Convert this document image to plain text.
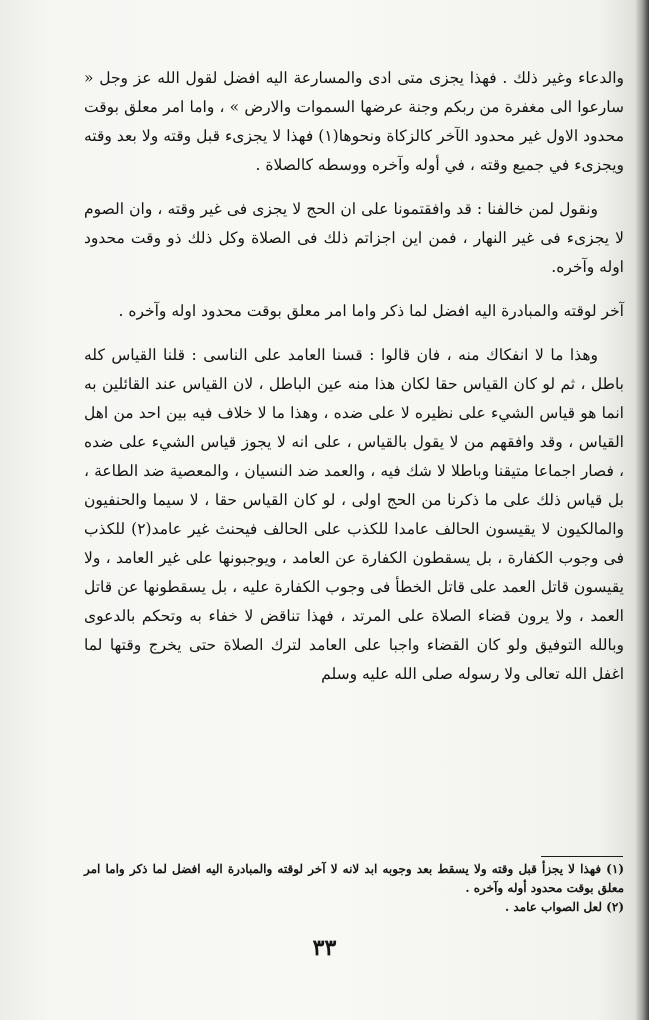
والدعاء وغير ذلك . فهذا يجزى متى ادى والمسارعة اليه افضل لقول الله عز وجل « سارعوا الى مغفرة من ربكم وجنة عرضها السموات والارض » ، واما امر معلق بوقت محدود الاول غير محدود الآخر كالزكاة ونحوها(١) فهذا لا يجزىء قبل وقته ولا بعد وقته ويجزىء في جميع وقته ، في أوله وآخره ووسطه كالصلاة .

ونقول لمن خالفنا : قد وافقتمونا على ان الحج لا يجزى فى غير وقته ، وان الصوم لا يجزىء فى غير النهار ، فمن اين اجزاتم ذلك فى الصلاة وكل ذلك ذو وقت محدود اوله وآخره.

آخر لوقته والمبادرة اليه افضل لما ذكر واما امر معلق بوقت محدود اوله وآخره .

وهذا ما لا انفكاك منه ، فان قالوا : قسنا العامد على الناسى : قلنا القياس كله باطل ، ثم لو كان القياس حقا لكان هذا منه عين الباطل ، لان القياس عند القائلين به انما هو قياس الشيء على نظيره لا على ضده ، وهذا ما لا خلاف فيه بين احد من اهل القياس ، وقد وافقهم من لا يقول بالقياس ، على انه لا يجوز قياس الشيء على ضده ، فصار اجماعا متيقنا وباطلا لا شك فيه ، والعمد ضد النسيان ، والمعصية ضد الطاعة ، بل قياس ذلك على ما ذكرنا من الحج اولى ، لو كان القياس حقا ، لا سيما والحنفيون والمالكيون لا يقيسون الحالف عامدا للكذب على الحالف فيحنث غير عامد(٢) للكذب فى وجوب الكفارة ، بل يسقطون الكفارة عن العامد ، ويوجبونها على غير العامد ، ولا يقيسون قاتل العمد على قاتل الخطأ فى وجوب الكفارة عليه ، بل يسقطونها عن قاتل العمد ، ولا يرون قضاء الصلاة على المرتد ، فهذا تناقض لا خفاء به وتحكم بالدعوى وبالله التوفيق ولو كان القضاء واجبا على العامد لترك الصلاة حتى يخرج وقتها لما اغفل الله تعالى ولا رسوله صلى الله عليه وسلم

(١) فهذا لا يجزأ قبل وقته ولا يسقط بعد وجوبه ابد لانه لا آخر لوقته والمبادرة اليه افضل لما ذكر واما امر معلق بوقت محدود أوله وآخره .

(٢) لعل الصواب عامد .

٣٣
